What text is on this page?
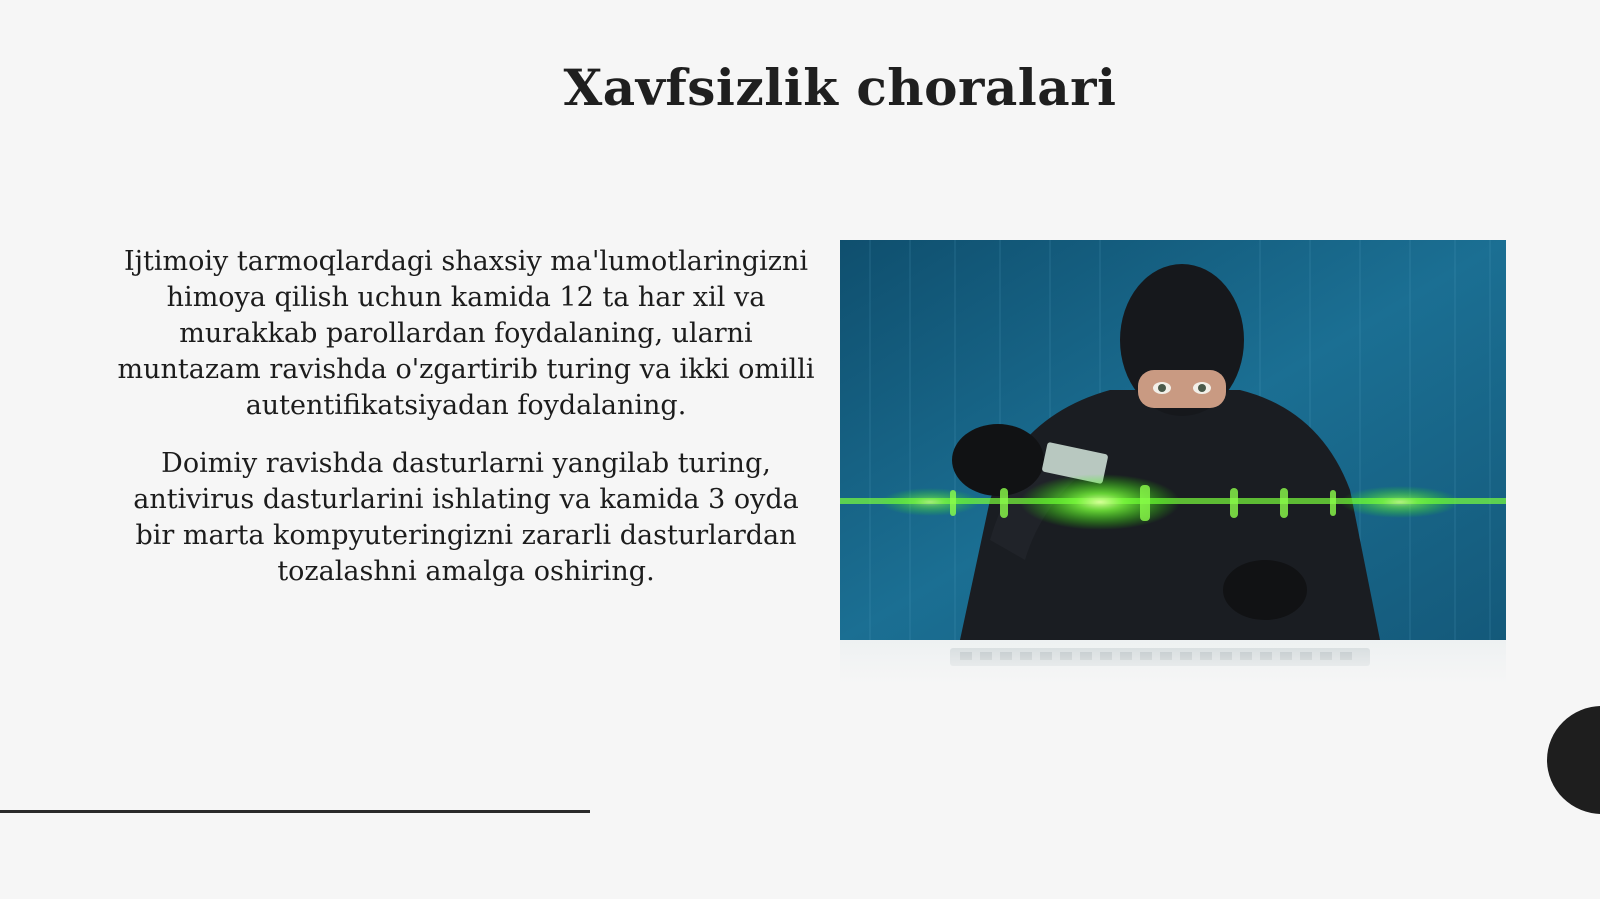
Xavfsizlik choralari

Ijtimoiy tarmoqlardagi shaxsiy ma'lumotlaringizni himoya qilish uchun kamida 12 ta har xil va murakkab parollardan foydalaning, ularni muntazam ravishda o'zgartirib turing va ikki omilli autentifikatsiyadan foydalaning.

Doimiy ravishda dasturlarni yangilab turing, antivirus dasturlarini ishlating va kamida 3 oyda bir marta kompyuteringizni zararli dasturlardan tozalashni amalga oshiring.
